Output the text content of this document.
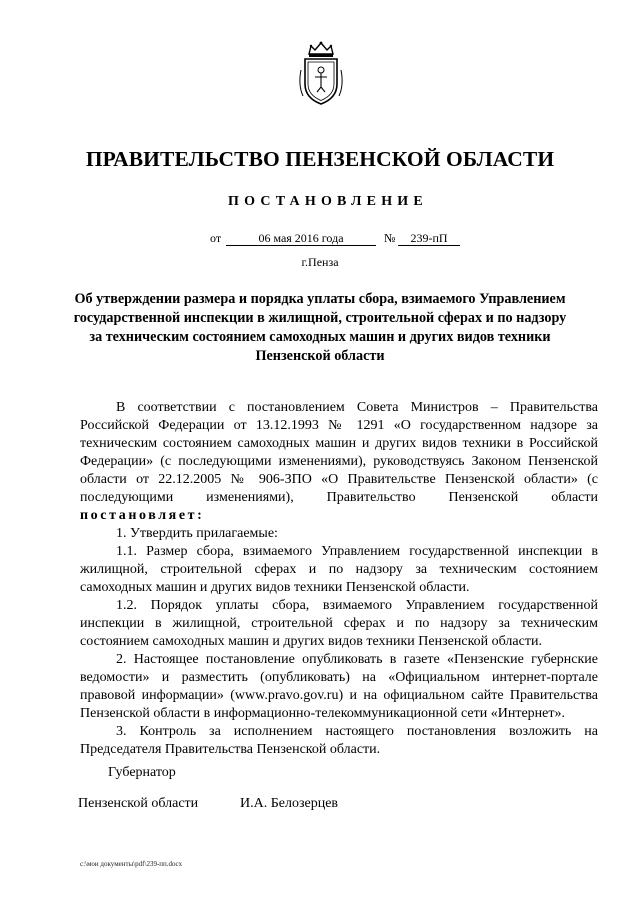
ПРАВИТЕЛЬСТВО ПЕНЗЕНСКОЙ ОБЛАСТИ
ПОСТАНОВЛЕНИЕ
от	06 мая 2016 года	№	239-пП
г.Пенза
Об утверждении размера и порядка уплаты сбора, взимаемого Управлением государственной инспекции в жилищной, строительной сферах и по надзору за техническим состоянием самоходных машин и других видов техники Пензенской области

В соответствии с постановлением Совета Министров – Правительства Российской Федерации от 13.12.1993 № 1291 «О государственном надзоре за техническим состоянием самоходных машин и других видов техники в Российской Федерации» (с последующими изменениями), руководствуясь Законом Пензенской области от 22.12.2005 № 906-ЗПО «О Правительстве Пензенской области» (с последующими изменениями), Правительство Пензенской области постановляет:

1. Утвердить прилагаемые:

1.1. Размер сбора, взимаемого Управлением государственной инспекции в жилищной, строительной сферах и по надзору за техническим состоянием самоходных машин и других видов техники Пензенской области.

1.2. Порядок уплаты сбора, взимаемого Управлением государственной инспекции в жилищной, строительной сферах и по надзору за техническим состоянием самоходных машин и других видов техники Пензенской области.

2. Настоящее постановление опубликовать в газете «Пензенские губернские ведомости» и разместить (опубликовать) на «Официальном интернет-портале правовой информации» (www.pravo.gov.ru) и на официальном сайте Правительства Пензенской области в информационно-телекоммуникационной сети «Интернет».

3. Контроль за исполнением настоящего постановления возложить на Председателя Правительства Пензенской области.

Губернатор
Пензенской области	И.А. Белозерцев
c:\мои документы\pdf\239-пп.docx
